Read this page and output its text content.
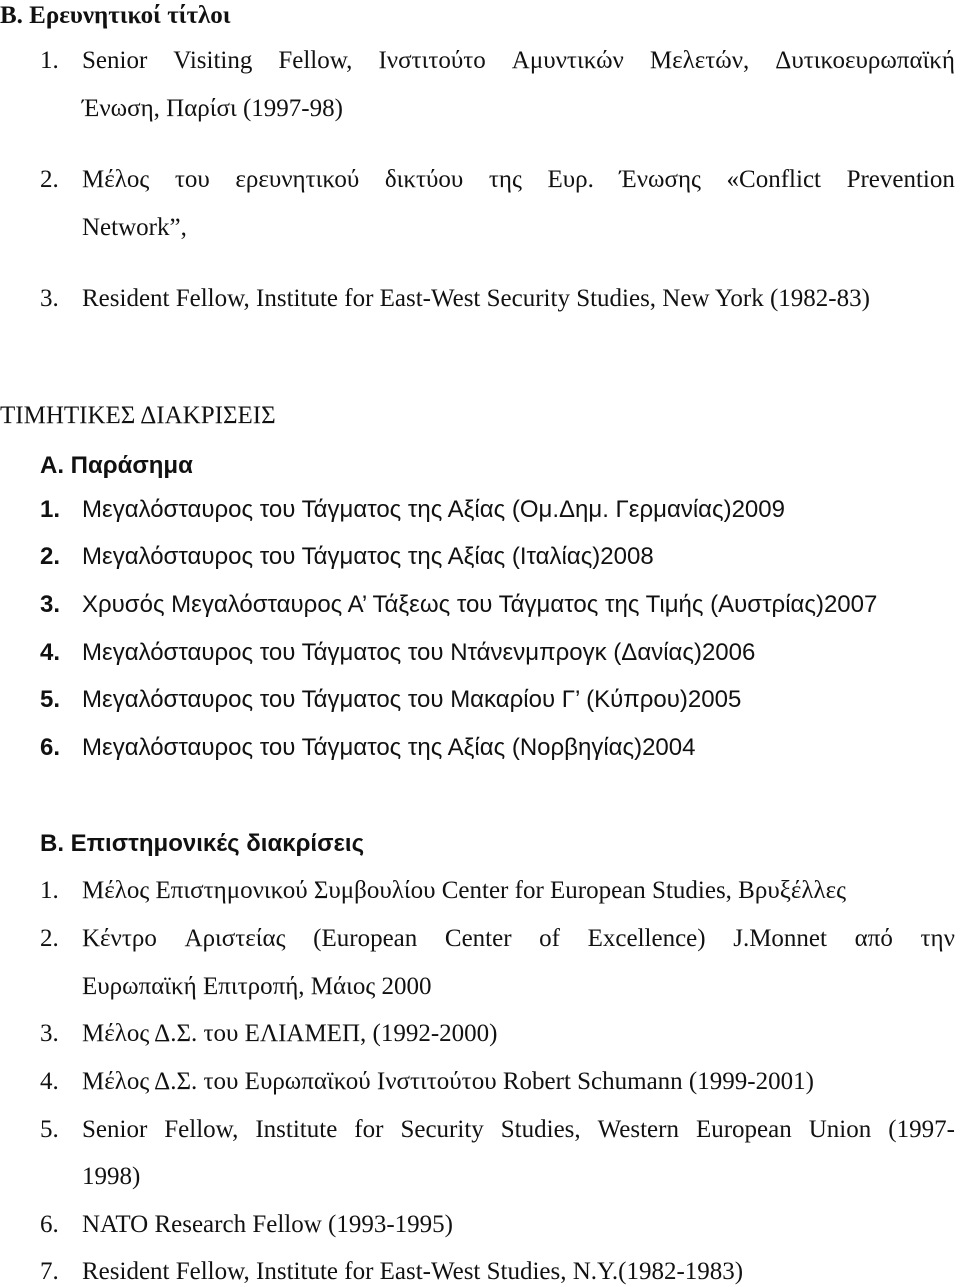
Β. Ερευνητικοί τίτλοι
1. Senior Visiting Fellow, Ινστιτούτο Αμυντικών Μελετών, Δυτικοευρωπαϊκή
Ένωση, Παρίσι (1997-98)
2. Μέλος του ερευνητικού δικτύου της Ευρ. Ένωσης «Conflict Prevention
Network”,
3. Resident Fellow, Institute for East-West Security Studies, New York (1982-83)
ΤΙΜΗΤΙΚΕΣ ΔΙΑΚΡΙΣΕΙΣ
Α. Παράσημα
1. Μεγαλόσταυρος του Τάγματος της Αξίας (Ομ.Δημ. Γερμανίας)2009
2. Μεγαλόσταυρος του Τάγματος της Αξίας (Ιταλίας)2008
3. Χρυσός Μεγαλόσταυρος Α’ Τάξεως του Τάγματος της Τιμής (Αυστρίας)2007
4. Μεγαλόσταυρος του Τάγματος του Ντάνενμπρογκ (Δανίας)2006
5. Μεγαλόσταυρος του Τάγματος του Μακαρίου Γ’ (Κύπρου)2005
6. Μεγαλόσταυρος του Τάγματος της Αξίας (Νορβηγίας)2004
Β. Επιστημονικές διακρίσεις
1. Μέλος Επιστημονικού Συμβουλίου Center for European Studies, Βρυξέλλες
2. Κέντρο Αριστείας (European Center of Excellence) J.Monnet από την
Ευρωπαϊκή Επιτροπή, Μάιος 2000
3. Μέλος Δ.Σ. του ΕΛΙΑΜΕΠ, (1992-2000)
4. Μέλος Δ.Σ. του Ευρωπαϊκού Ινστιτούτου Robert Schumann (1999-2001)
5. Senior Fellow, Institute for Security Studies, Western European Union (1997-
1998)
6. NATO Research Fellow (1993-1995)
7. Resident Fellow, Institute for East-West Studies, N.Y.(1982-1983)
